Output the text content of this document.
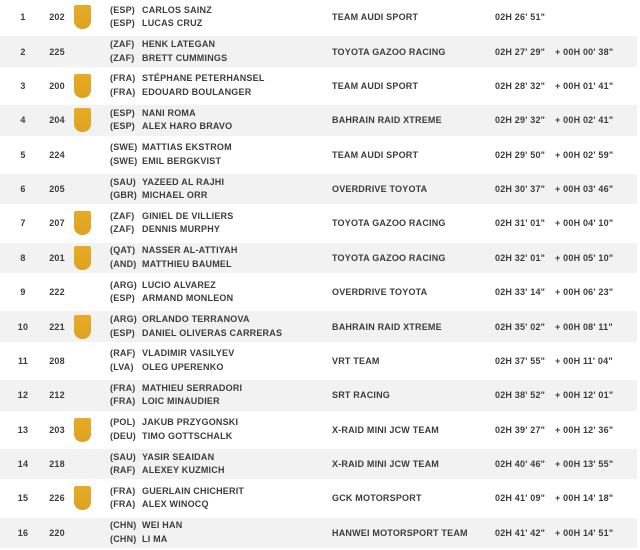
1	202
(ESP) CARLOS SAINZ
(ESP) LUCAS CRUZ
TEAM AUDI SPORT	02H 26' 51"
2	225
(ZAF) HENK LATEGAN
(ZAF) BRETT CUMMINGS
TOYOTA GAZOO RACING	02H 27' 29"	+ 00H 00' 38"
3	200
(FRA) STÉPHANE PETERHANSEL
(FRA) EDOUARD BOULANGER
TEAM AUDI SPORT	02H 28' 32"	+ 00H 01' 41"
4	204
(ESP) NANI ROMA
(ESP) ALEX HARO BRAVO
BAHRAIN RAID XTREME	02H 29' 32"	+ 00H 02' 41"
5	224
(SWE) MATTIAS EKSTROM
(SWE) EMIL BERGKVIST
TEAM AUDI SPORT	02H 29' 50"	+ 00H 02' 59"
6	205
(SAU) YAZEED AL RAJHI
(GBR) MICHAEL ORR
OVERDRIVE TOYOTA	02H 30' 37"	+ 00H 03' 46"
7	207
(ZAF) GINIEL DE VILLIERS
(ZAF) DENNIS MURPHY
TOYOTA GAZOO RACING	02H 31' 01"	+ 00H 04' 10"
8	201
(QAT) NASSER AL-ATTIYAH
(AND) MATTHIEU BAUMEL
TOYOTA GAZOO RACING	02H 32' 01"	+ 00H 05' 10"
9	222
(ARG) LUCIO ALVAREZ
(ESP) ARMAND MONLEON
OVERDRIVE TOYOTA	02H 33' 14"	+ 00H 06' 23"
10	221
(ARG) ORLANDO TERRANOVA
(ESP) DANIEL OLIVERAS CARRERAS
BAHRAIN RAID XTREME	02H 35' 02"	+ 00H 08' 11"
11	208
(RAF) VLADIMIR VASILYEV
(LVA) OLEG UPERENKO
VRT TEAM	02H 37' 55"	+ 00H 11' 04"
12	212
(FRA) MATHIEU SERRADORI
(FRA) LOIC MINAUDIER
SRT RACING	02H 38' 52"	+ 00H 12' 01"
13	203
(POL) JAKUB PRZYGONSKI
(DEU) TIMO GOTTSCHALK
X-RAID MINI JCW TEAM	02H 39' 27"	+ 00H 12' 36"
14	218
(SAU) YASIR SEAIDAN
(RAF) ALEXEY KUZMICH
X-RAID MINI JCW TEAM	02H 40' 46"	+ 00H 13' 55"
15	226
(FRA) GUERLAIN CHICHERIT
(FRA) ALEX WINOCQ
GCK MOTORSPORT	02H 41' 09"	+ 00H 14' 18"
16	220
(CHN) WEI HAN
(CHN) LI MA
HANWEI MOTORSPORT TEAM	02H 41' 42"	+ 00H 14' 51"
